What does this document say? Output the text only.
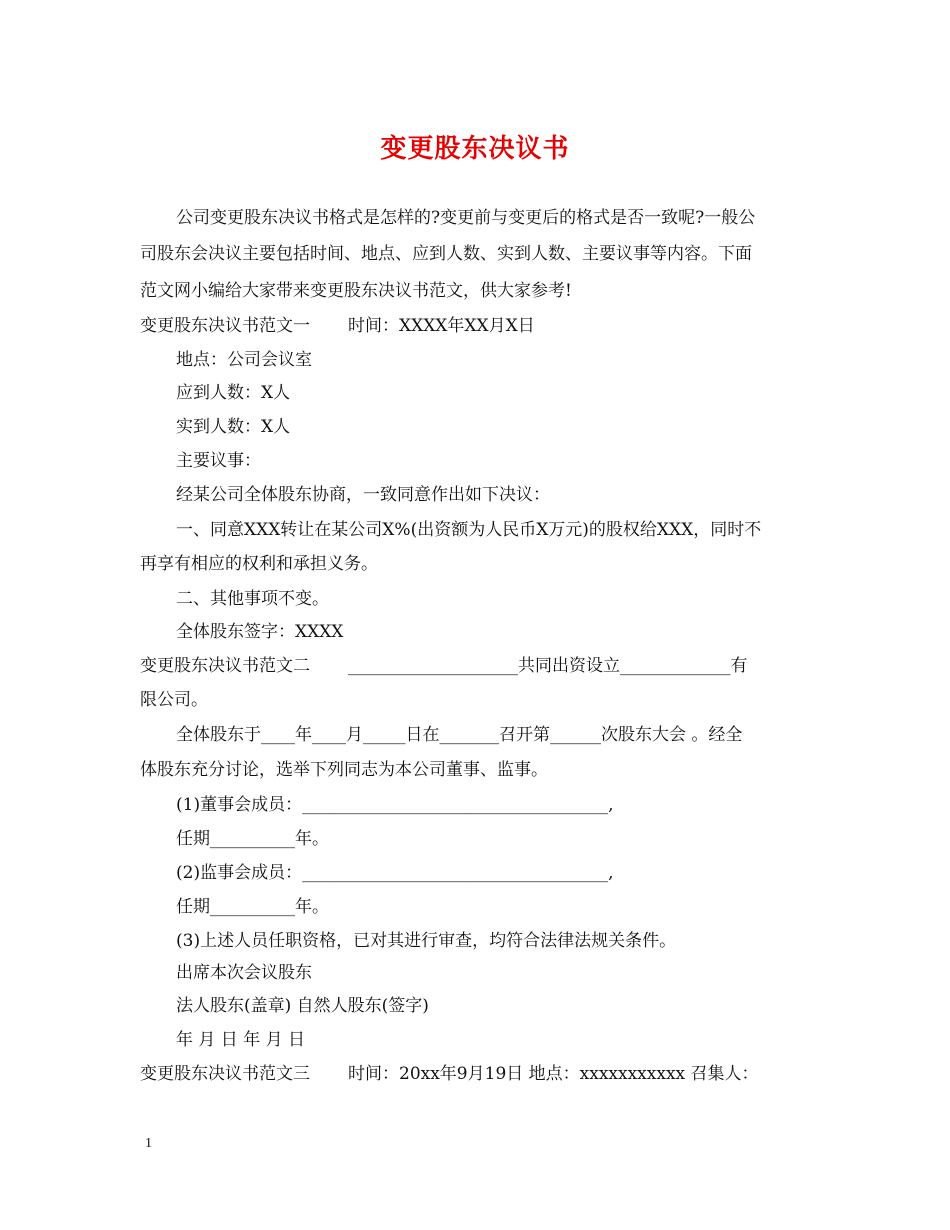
变更股东决议书
公司变更股东决议书格式是怎样的?变更前与变更后的格式是否一致呢?一般公
司股东会决议主要包括时间、地点、应到人数、实到人数、主要议事等内容。下面
范文网小编给大家带来变更股东决议书范文，供大家参考!
变更股东决议书范文一 时间：XXXX年XX月X日
地点：公司会议室
应到人数：X人
实到人数：X人
主要议事：
经某公司全体股东协商，一致同意作出如下决议：
一、同意XXX转让在某公司X%(出资额为人民币X万元)的股权给XXX，同时不
再享有相应的权利和承担义务。
二、其他事项不变。
全体股东签字：XXXX
变更股东决议书范文二 ____________________共同出资设立_____________有
限公司。
全体股东于____年____月_____日在_______召开第______次股东大会 。经全
体股东充分讨论，选举下列同志为本公司董事、监事。
(1)董事会成员：____________________________________,
任期__________年。
(2)监事会成员：____________________________________,
任期__________年。
(3)上述人员任职资格，已对其进行审查，均符合法律法规关条件。
出席本次会议股东
法人股东(盖章) 自然人股东(签字)
年 月 日 年 月 日
变更股东决议书范文三 时间：20xx年9月19日 地点：xxxxxxxxxxx 召集人：
1
